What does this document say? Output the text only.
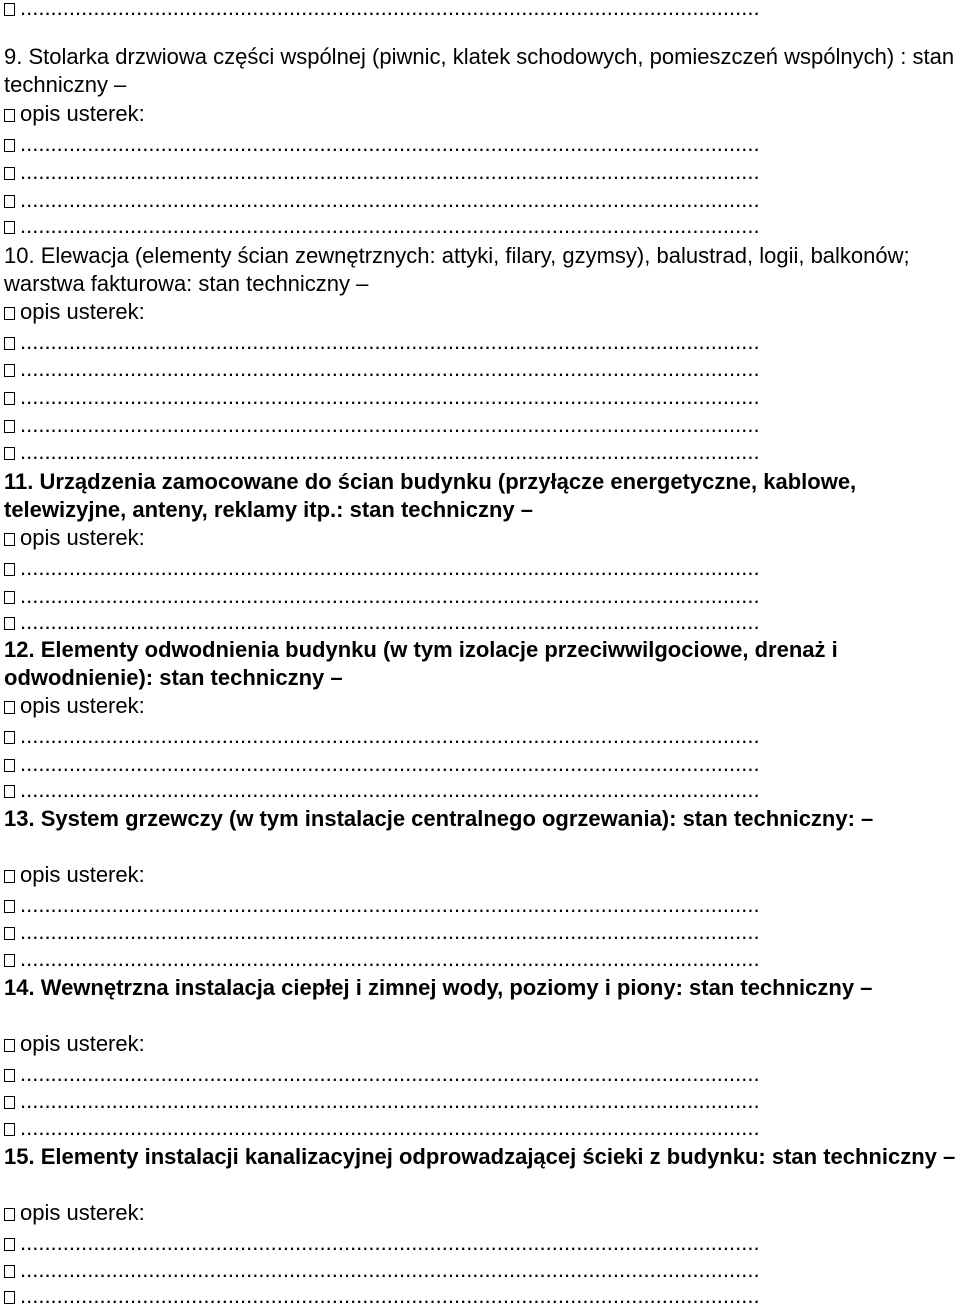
.........................................................................................................................
9. Stolarka drzwiowa części wspólnej (piwnic, klatek schodowych, pomieszczeń wspólnych) : stan techniczny –
opis usterek:
.........................................................................................................................
.........................................................................................................................
.........................................................................................................................
.........................................................................................................................
10. Elewacja (elementy ścian zewnętrznych: attyki, filary, gzymsy), balustrad, logii, balkonów; warstwa fakturowa: stan techniczny –
opis usterek:
.........................................................................................................................
.........................................................................................................................
.........................................................................................................................
.........................................................................................................................
.........................................................................................................................
11. Urządzenia zamocowane do ścian budynku (przyłącze energetyczne, kablowe, telewizyjne, anteny, reklamy itp.: stan techniczny –
opis usterek:
.........................................................................................................................
.........................................................................................................................
.........................................................................................................................
12. Elementy odwodnienia budynku (w tym izolacje przeciwwilgociowe, drenaż i odwodnienie): stan techniczny –
opis usterek:
.........................................................................................................................
.........................................................................................................................
.........................................................................................................................
13. System grzewczy (w tym instalacje centralnego ogrzewania): stan techniczny: –
opis usterek:
.........................................................................................................................
.........................................................................................................................
.........................................................................................................................
14. Wewnętrzna instalacja ciepłej i zimnej wody, poziomy i piony: stan techniczny –
opis usterek:
.........................................................................................................................
.........................................................................................................................
.........................................................................................................................
15. Elementy instalacji kanalizacyjnej odprowadzającej ścieki z budynku: stan techniczny –
opis usterek:
.........................................................................................................................
.........................................................................................................................
.........................................................................................................................
